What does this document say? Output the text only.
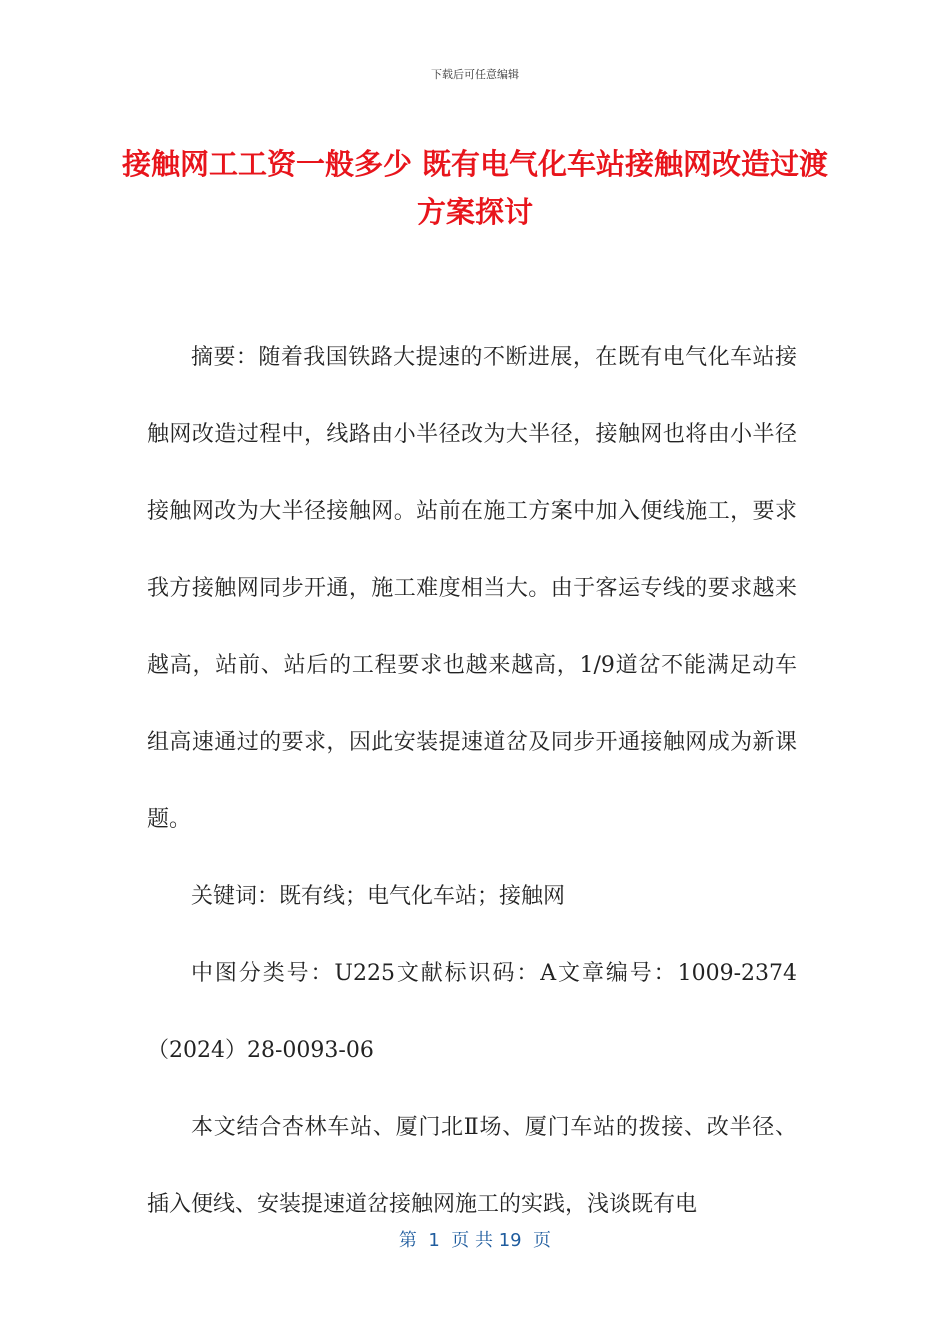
下载后可任意编辑
接触网工工资一般多少 既有电气化车站接触网改造过渡方案探讨

摘要：随着我国铁路大提速的不断进展，在既有电气化车站接触网改造过程中，线路由小半径改为大半径，接触网也将由小半径接触网改为大半径接触网。站前在施工方案中加入便线施工，要求我方接触网同步开通，施工难度相当大。由于客运专线的要求越来越高，站前、站后的工程要求也越来越高，1/9道岔不能满足动车组高速通过的要求，因此安装提速道岔及同步开通接触网成为新课题。

关键词：既有线；电气化车站；接触网

中图分类号：U225文献标识码：A文章编号：1009-2374（2024）28-0093-06

本文结合杏林车站、厦门北Ⅱ场、厦门车站的拨接、改半径、插入便线、安装提速道岔接触网施工的实践，浅谈既有电

第  1  页 共 19  页
